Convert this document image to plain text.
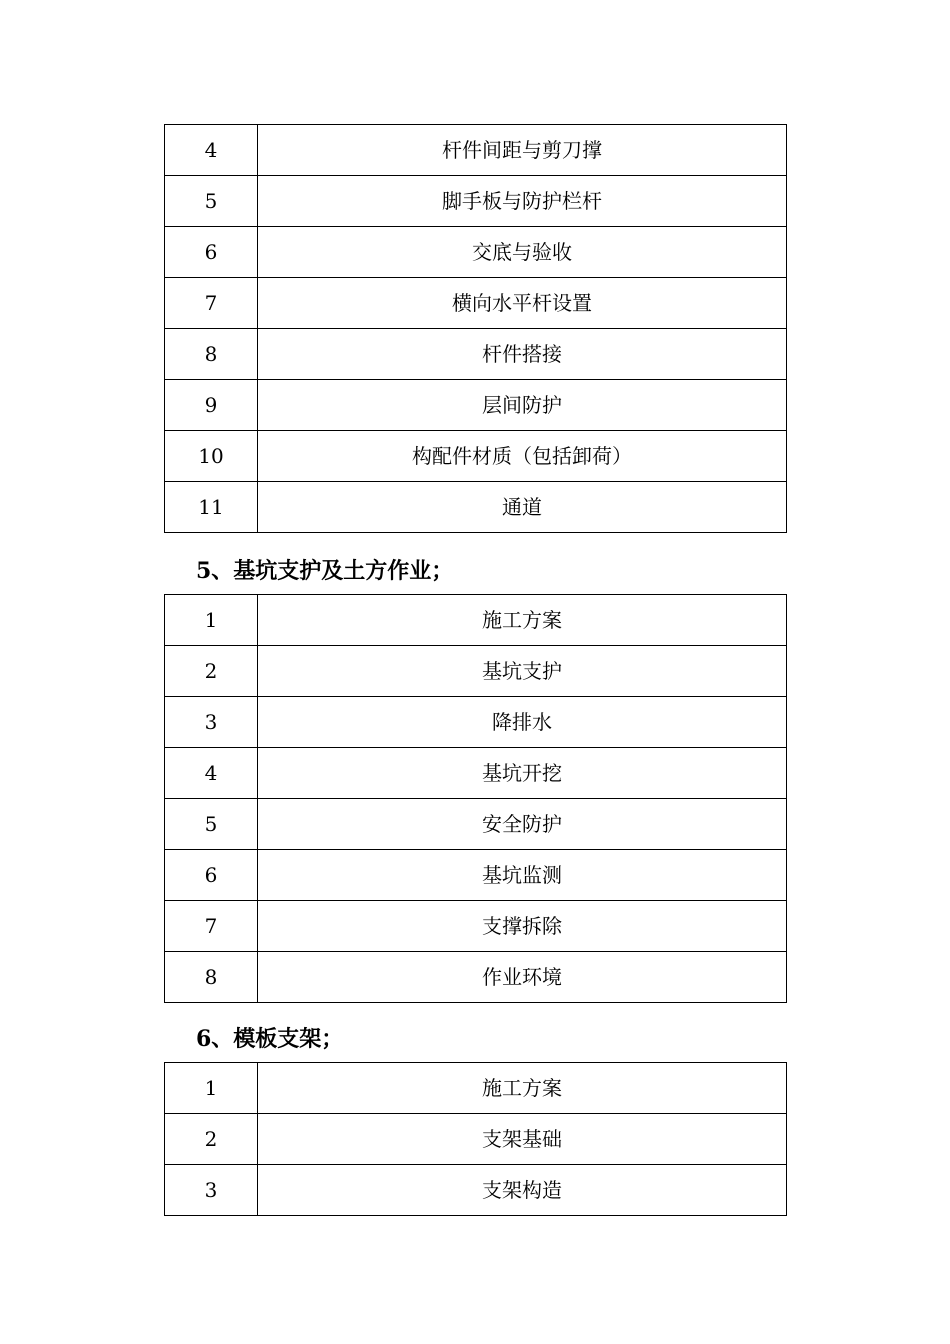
4	杆件间距与剪刀撑
5	脚手板与防护栏杆
6	交底与验收
7	横向水平杆设置
8	杆件搭接
9	层间防护
10	构配件材质（包括卸荷）
11	通道
5、基坑支护及土方作业；
1	施工方案
2	基坑支护
3	降排水
4	基坑开挖
5	安全防护
6	基坑监测
7	支撑拆除
8	作业环境
6、模板支架；
1	施工方案
2	支架基础
3	支架构造
